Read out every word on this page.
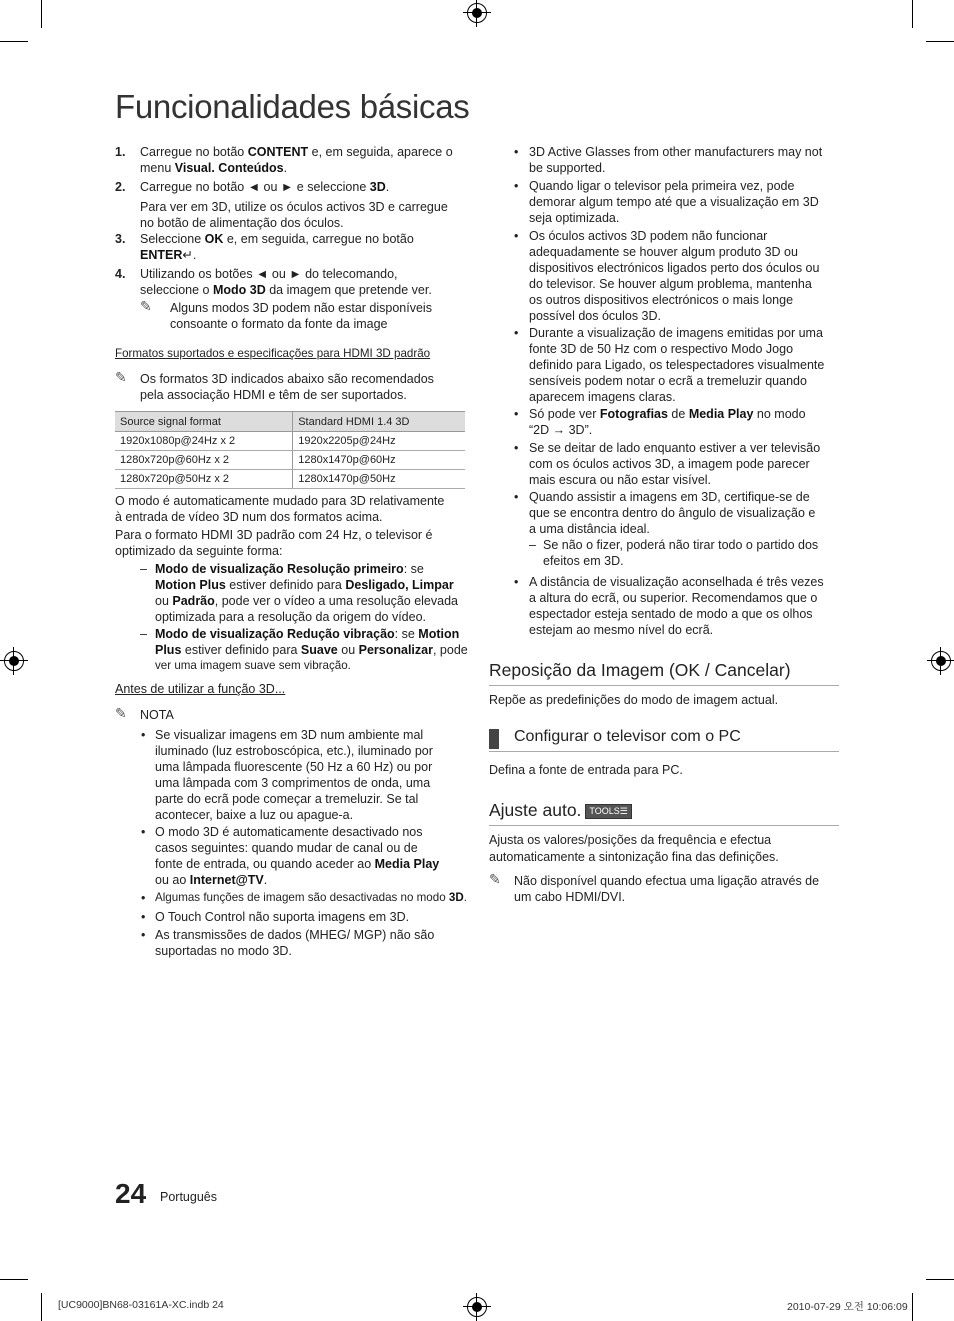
Funcionalidades básicas
1. Carregue no botão CONTENT e, em seguida, aparece o
menu Visual. Conteúdos.
2. Carregue no botão ◄ ou ► e seleccione 3D.
Para ver em 3D, utilize os óculos activos 3D e carregue
no botão de alimentação dos óculos.
3. Seleccione OK e, em seguida, carregue no botão
ENTER↵.
4. Utilizando os botões ◄ ou ► do telecomando,
seleccione o Modo 3D da imagem que pretende ver.
✎ Alguns modos 3D podem não estar disponíveis
consoante o formato da fonte da image
Formatos suportados e especificações para HDMI 3D padrão
✎ Os formatos 3D indicados abaixo são recomendados
pela associação HDMI e têm de ser suportados.
O modo é automaticamente mudado para 3D relativamente
à entrada de vídeo 3D num dos formatos acima.
Para o formato HDMI 3D padrão com 24 Hz, o televisor é
optimizado da seguinte forma:
– Modo de visualização Resolução primeiro: se
Motion Plus estiver definido para Desligado, Limpar
ou Padrão, pode ver o vídeo a uma resolução elevada
optimizada para a resolução da origem do vídeo.
– Modo de visualização Redução vibração: se Motion
Plus estiver definido para Suave ou Personalizar, pode
ver uma imagem suave sem vibração.
Antes de utilizar a função 3D...
✎ NOTA
• Se visualizar imagens em 3D num ambiente mal
iluminado (luz estroboscópica, etc.), iluminado por
uma lâmpada fluorescente (50 Hz a 60 Hz) ou por
uma lâmpada com 3 comprimentos de onda, uma
parte do ecrã pode começar a tremeluzir. Se tal
acontecer, baixe a luz ou apague-a.
• O modo 3D é automaticamente desactivado nos
casos seguintes: quando mudar de canal ou de
fonte de entrada, ou quando aceder ao Media Play
ou ao Internet@TV.
• Algumas funções de imagem são desactivadas no modo 3D.
• O Touch Control não suporta imagens em 3D.
• As transmissões de dados (MHEG/ MGP) não são
suportadas no modo 3D.
Source signal format	Standard HDMI 1.4 3D
1920x1080p@24Hz x 2	1920x2205p@24Hz
1280x720p@60Hz x 2	1280x1470p@60Hz
1280x720p@50Hz x 2	1280x1470p@50Hz
• 3D Active Glasses from other manufacturers may not
be supported.
• Quando ligar o televisor pela primeira vez, pode
demorar algum tempo até que a visualização em 3D
seja optimizada.
• Os óculos activos 3D podem não funcionar
adequadamente se houver algum produto 3D ou
dispositivos electrónicos ligados perto dos óculos ou
do televisor. Se houver algum problema, mantenha
os outros dispositivos electrónicos o mais longe
possível dos óculos 3D.
• Durante a visualização de imagens emitidas por uma
fonte 3D de 50 Hz com o respectivo Modo Jogo
definido para Ligado, os telespectadores visualmente
sensíveis podem notar o ecrã a tremeluzir quando
aparecem imagens claras.
• Só pode ver Fotografias de Media Play no modo
“2D → 3D”.
• Se se deitar de lado enquanto estiver a ver televisão
com os óculos activos 3D, a imagem pode parecer
mais escura ou não estar visível.
• Quando assistir a imagens em 3D, certifique-se de
que se encontra dentro do ângulo de visualização e
a uma distância ideal.
– Se não o fizer, poderá não tirar todo o partido dos
efeitos em 3D.
• A distância de visualização aconselhada é três vezes
a altura do ecrã, ou superior. Recomendamos que o
espectador esteja sentado de modo a que os olhos
estejam ao mesmo nível do ecrã.
Reposição da Imagem (OK / Cancelar)
Repõe as predefinições do modo de imagem actual.
Configurar o televisor com o PC
Defina a fonte de entrada para PC.
Ajuste auto. TOOLS☰
Ajusta os valores/posições da frequência e efectua
automaticamente a sintonização fina das definições.
✎ Não disponível quando efectua uma ligação através de
um cabo HDMI/DVI.
24 Português
[UC9000]BN68-03161A-XC.indb 24	2010-07-29 오전 10:06:09
